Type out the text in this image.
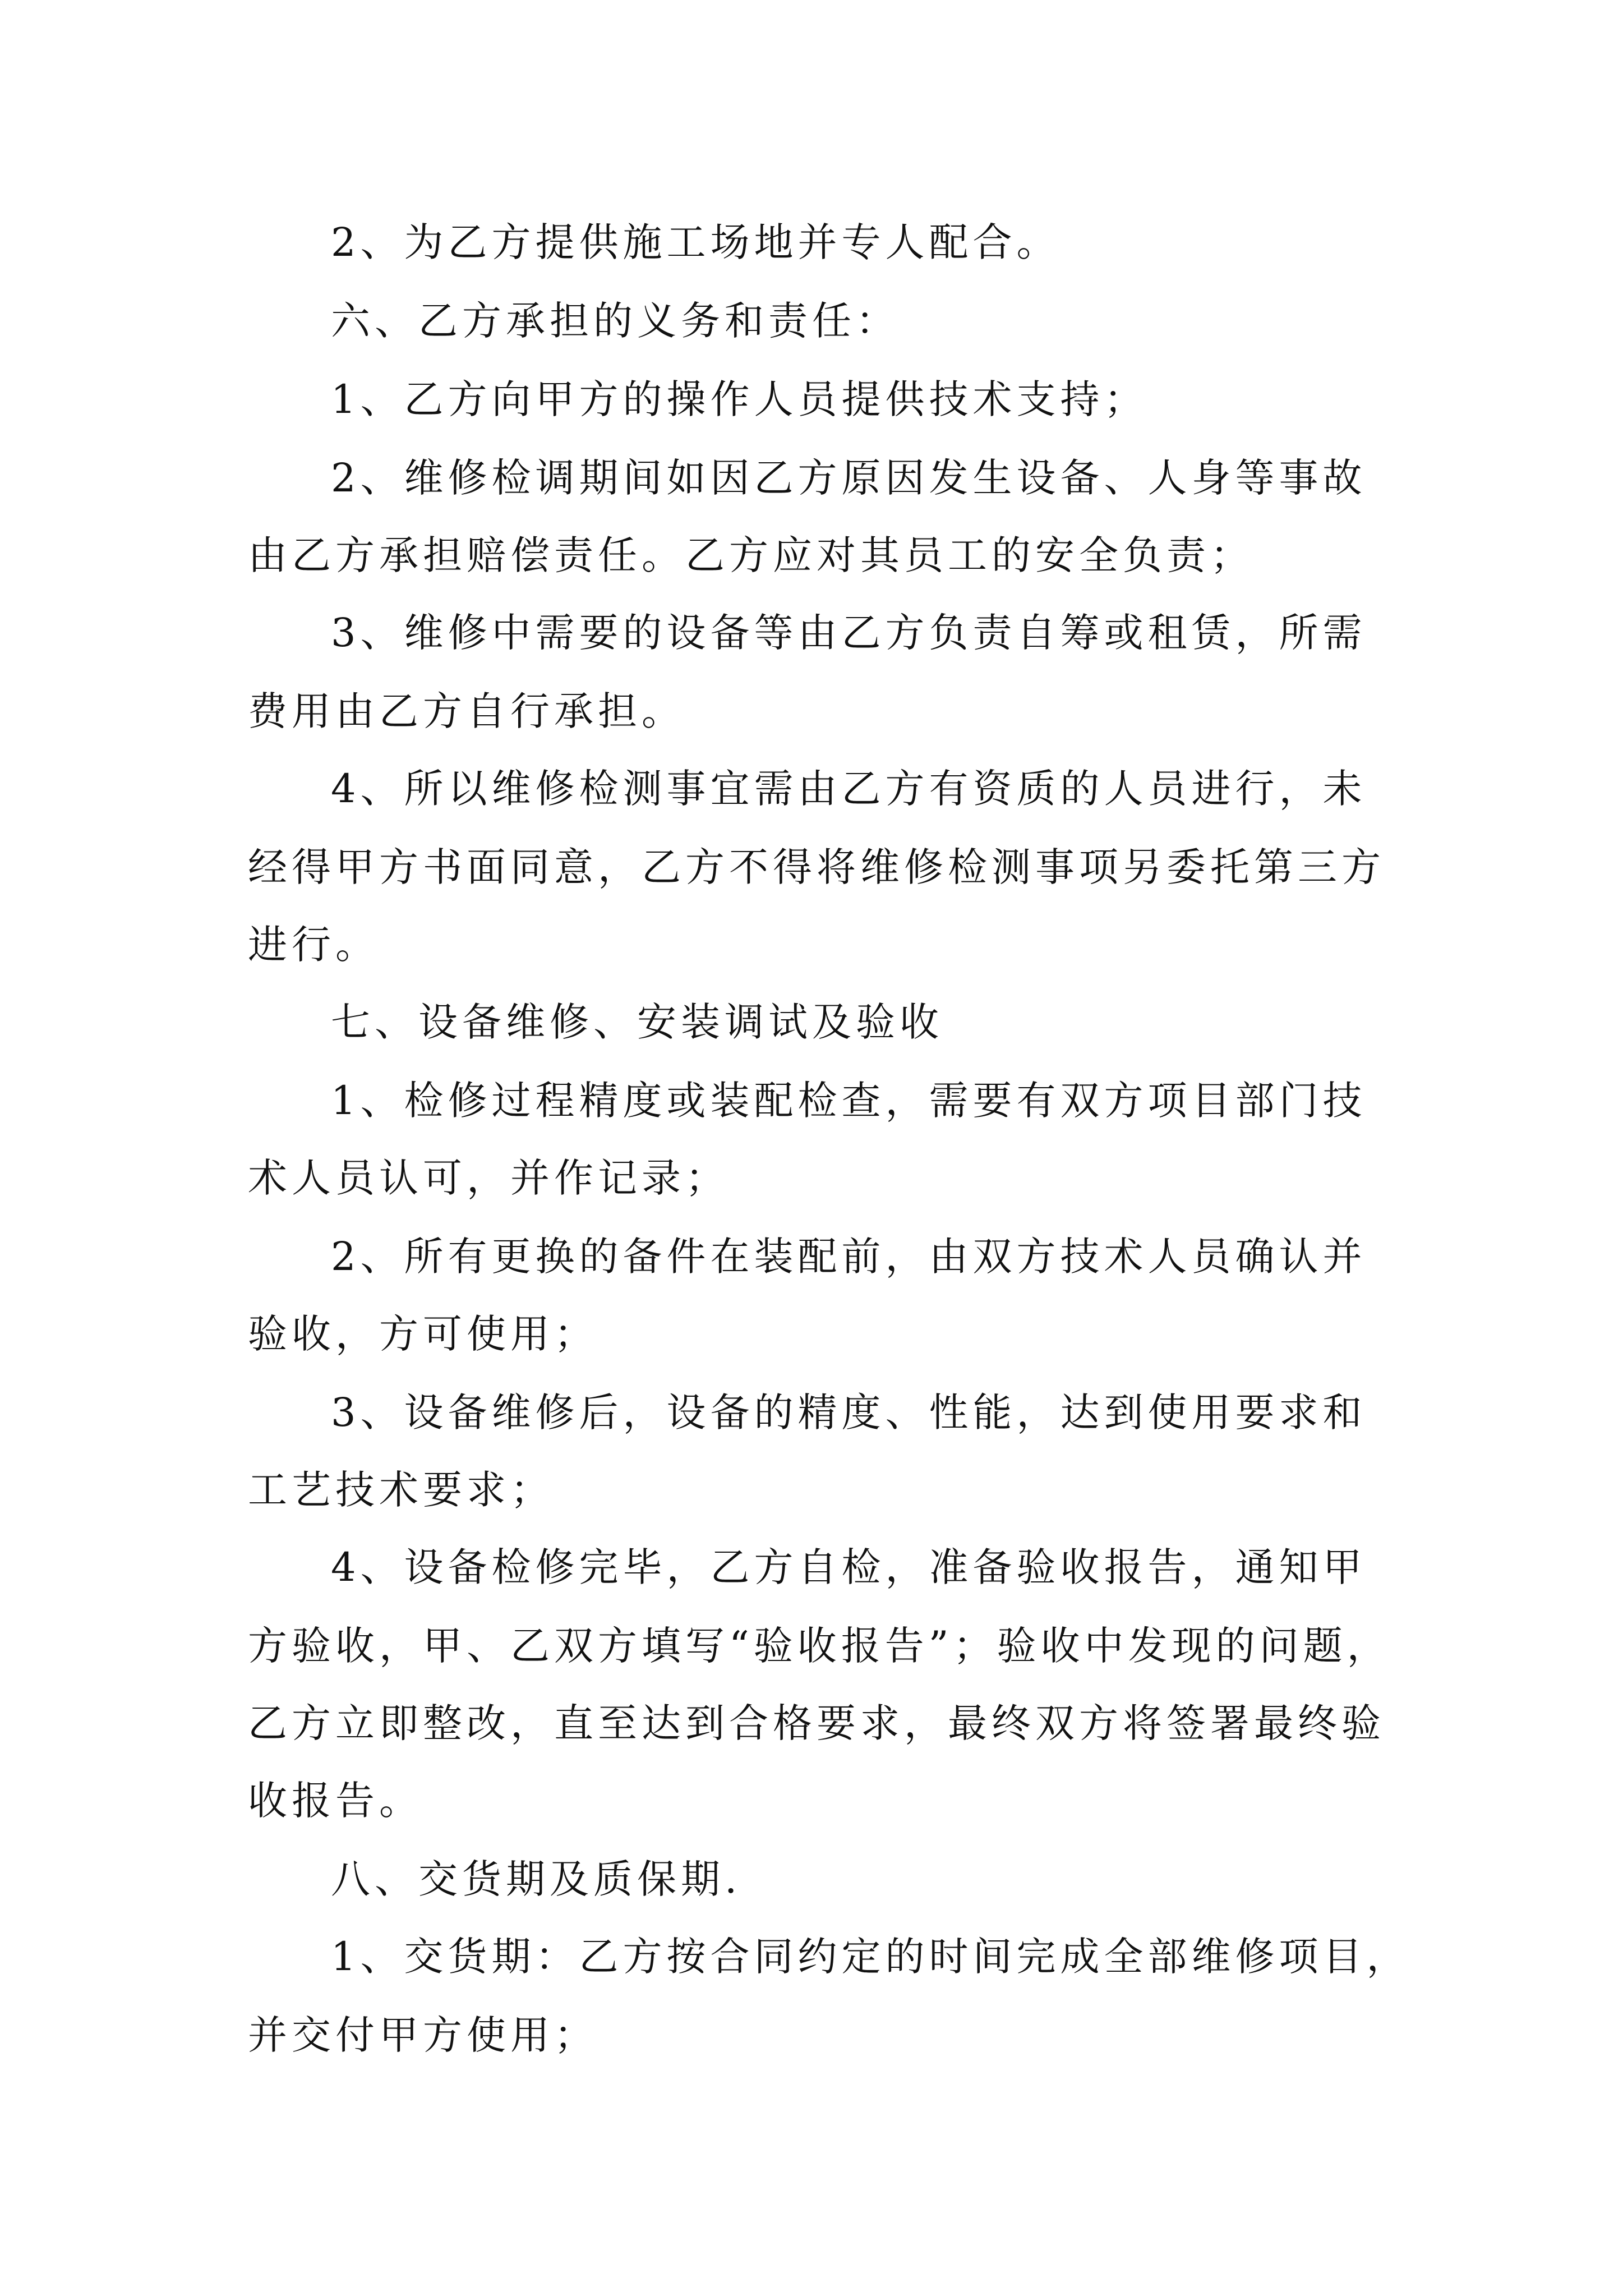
2、为乙方提供施工场地并专人配合。
六、乙方承担的义务和责任：
1、乙方向甲方的操作人员提供技术支持；
2、维修检调期间如因乙方原因发生设备、人身等事故
由乙方承担赔偿责任。乙方应对其员工的安全负责；
3、维修中需要的设备等由乙方负责自筹或租赁，所需
费用由乙方自行承担。
4、所以维修检测事宜需由乙方有资质的人员进行，未
经得甲方书面同意，乙方不得将维修检测事项另委托第三方
进行。
七、设备维修、安装调试及验收
1、检修过程精度或装配检查，需要有双方项目部门技
术人员认可，并作记录；
2、所有更换的备件在装配前，由双方技术人员确认并
验收，方可使用；
3、设备维修后，设备的精度、性能，达到使用要求和
工艺技术要求；
4、设备检修完毕，乙方自检，准备验收报告，通知甲
方验收，甲、乙双方填写“验收报告”；验收中发现的问题，
乙方立即整改，直至达到合格要求，最终双方将签署最终验
收报告。
八、交货期及质保期.
1、交货期：乙方按合同约定的时间完成全部维修项目，
并交付甲方使用；
